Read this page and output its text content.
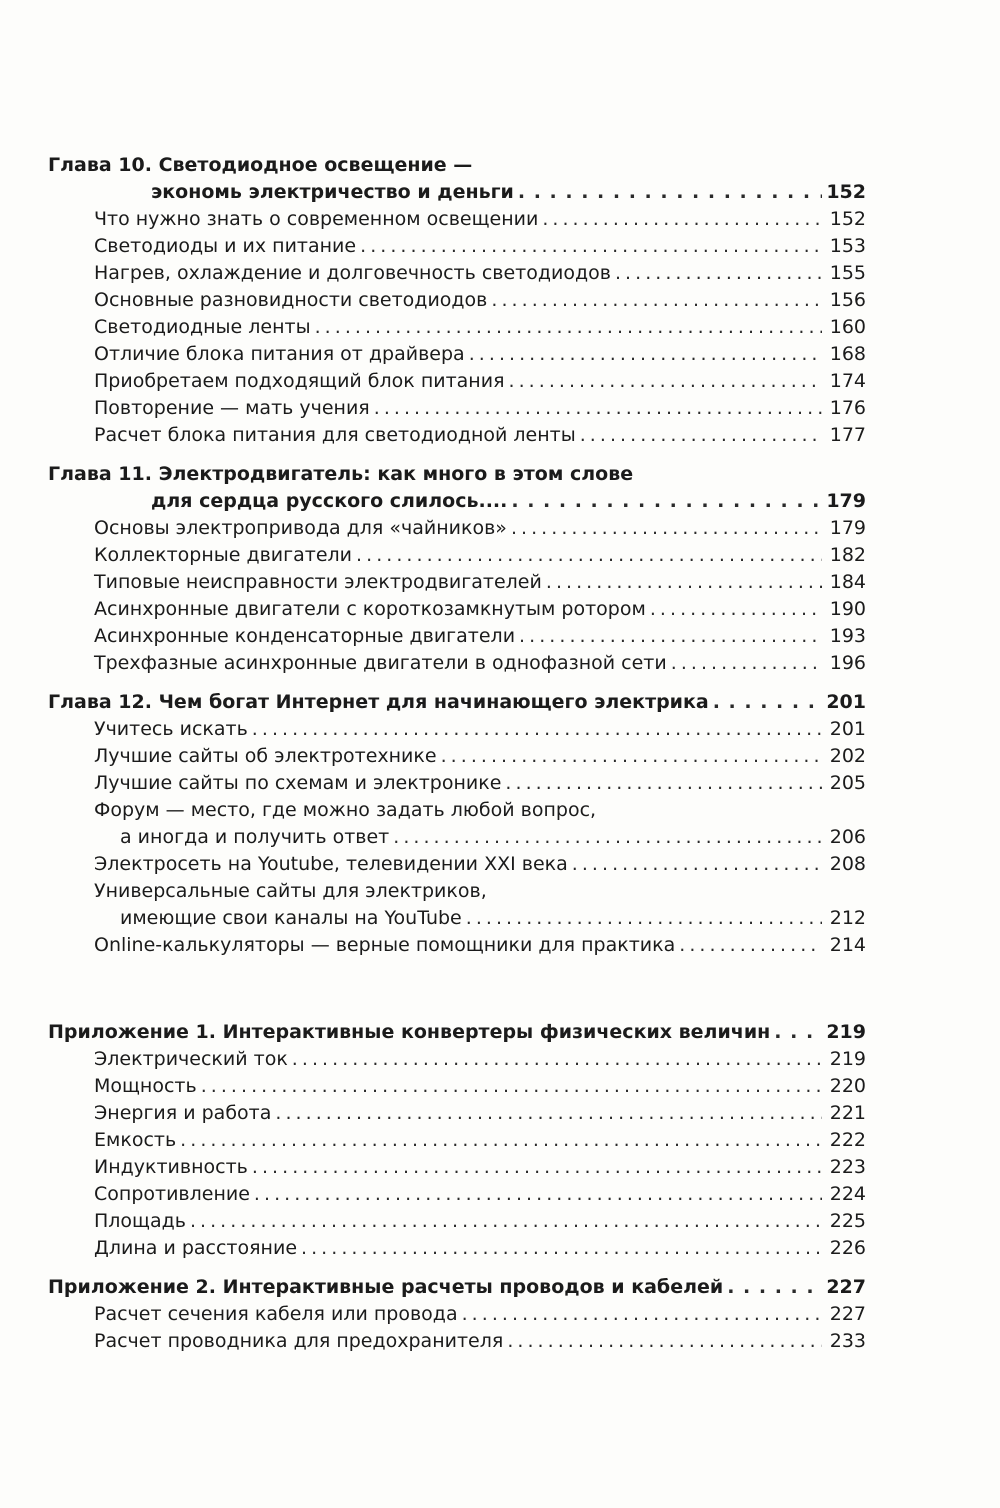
Глава 10. Светодиодное освещение —
экономь электричество и деньги . . .	152
Что нужно знать о современном освещении . . .	152
Светодиоды и их питание . . .	153
Нагрев, охлаждение и долговечность светодиодов . . .	155
Основные разновидности светодиодов . . .	156
Светодиодные ленты . . .	160
Отличие блока питания от драйвера . . .	168
Приобретаем подходящий блок питания . . .	174
Повторение — мать учения . . .	176
Расчет блока питания для светодиодной ленты . . .	177
Глава 11. Электродвигатель: как много в этом слове
для сердца русского слилось.... . . .	179
Основы электропривода для «чайников» . . .	179
Коллекторные двигатели . . .	182
Типовые неисправности электродвигателей . . .	184
Асинхронные двигатели с короткозамкнутым ротором . . .	190
Асинхронные конденсаторные двигатели . . .	193
Трехфазные асинхронные двигатели в однофазной сети . . .	196
Глава 12. Чем богат Интернет для начинающего электрика . . .	201
Учитесь искать . . .	201
Лучшие сайты об электротехнике . . .	202
Лучшие сайты по схемам и электронике . . .	205
Форум — место, где можно задать любой вопрос,
а иногда и получить ответ . . .	206
Электросеть на Youtube, телевидении XXI века . . .	208
Универсальные сайты для электриков,
имеющие свои каналы на YouTube . . .	212
Online-калькуляторы — верные помощники для практика . . .	214
Приложение 1. Интерактивные конвертеры физических величин . . .	219
Электрический ток . . .	219
Мощность . . .	220
Энергия и работа . . .	221
Емкость . . .	222
Индуктивность . . .	223
Сопротивление . . .	224
Площадь . . .	225
Длина и расстояние . . .	226
Приложение 2. Интерактивные расчеты проводов и кабелей . . .	227
Расчет сечения кабеля или провода . . .	227
Расчет проводника для предохранителя . . .	233
